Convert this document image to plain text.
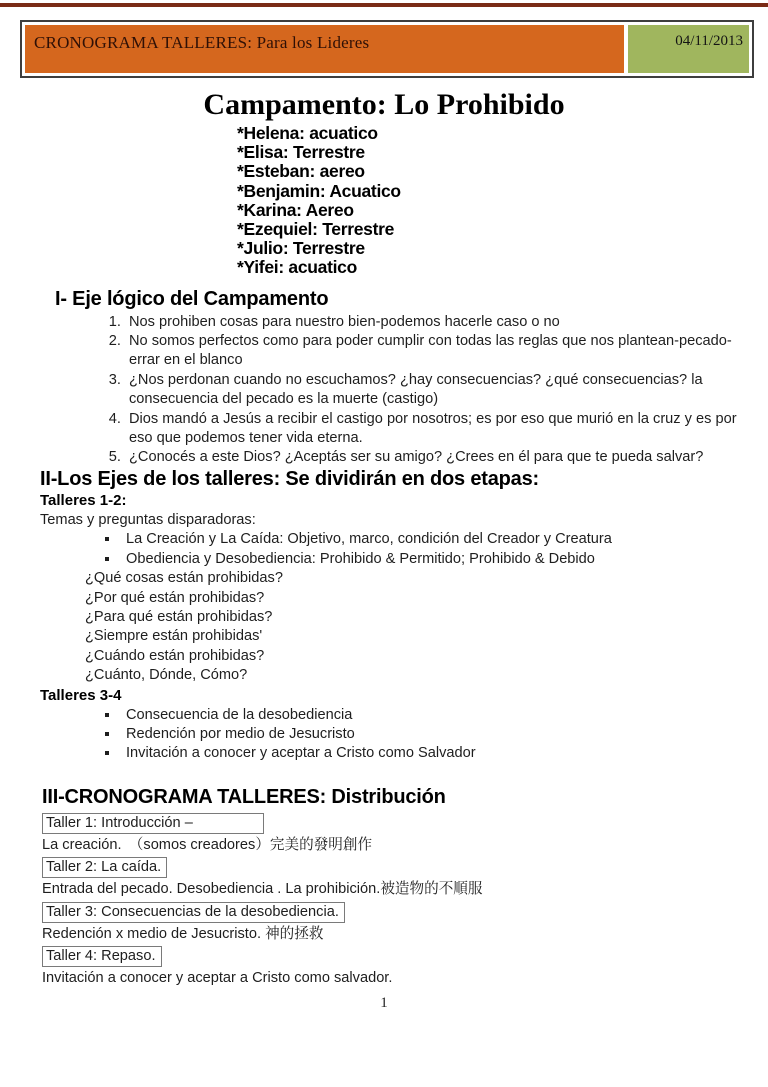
CRONOGRAMA TALLERES: Para los Lideres	04/11/2013
Campamento: Lo Prohibido
*Helena: acuatico
*Elisa: Terrestre
*Esteban: aereo
*Benjamin: Acuatico
*Karina: Aereo
*Ezequiel: Terrestre
*Julio: Terrestre
*Yifei: acuatico
I- Eje lógico del Campamento
1. Nos prohiben cosas para nuestro bien-podemos hacerle caso o no
2. No somos perfectos como para poder cumplir con todas las reglas que nos plantean-pecado-errar en el blanco
3. ¿Nos perdonan cuando no escuchamos? ¿hay consecuencias? ¿qué consecuencias? la consecuencia del pecado es la muerte (castigo)
4. Dios mandó a Jesús a recibir el castigo por nosotros; es por eso que murió en la cruz y es por eso que podemos tener vida eterna.
5. ¿Conocés a este Dios? ¿Aceptás ser su amigo? ¿Crees en él para que te pueda salvar?
II-Los Ejes de los talleres: Se dividirán en dos etapas:
Talleres 1-2:
Temas y preguntas disparadoras:
▪ La Creación y La Caída: Objetivo, marco, condición del Creador y Creatura
▪ Obediencia y Desobediencia: Prohibido & Permitido; Prohibido & Debido
¿Qué cosas están prohibidas?
¿Por qué están prohibidas?
¿Para qué están prohibidas?
¿Siempre están prohibidas'
¿Cuándo están prohibidas?
¿Cuánto, Dónde, Cómo?
Talleres 3-4
▪ Consecuencia de la desobediencia
▪ Redención por medio de Jesucristo
▪ Invitación a conocer y aceptar a Cristo como Salvador
III-CRONOGRAMA TALLERES: Distribución
Taller 1: Introducción –
La creación.　（somos creadores）完美的發明創作
Taller 2: La caída.
Entrada del pecado. Desobediencia . La prohibición.被造物的不順服
Taller 3: Consecuencias de la desobediencia.
Redención x medio de Jesucristo. 神的拯救
Taller 4: Repaso.
Invitación a conocer y aceptar a Cristo como salvador.
1
